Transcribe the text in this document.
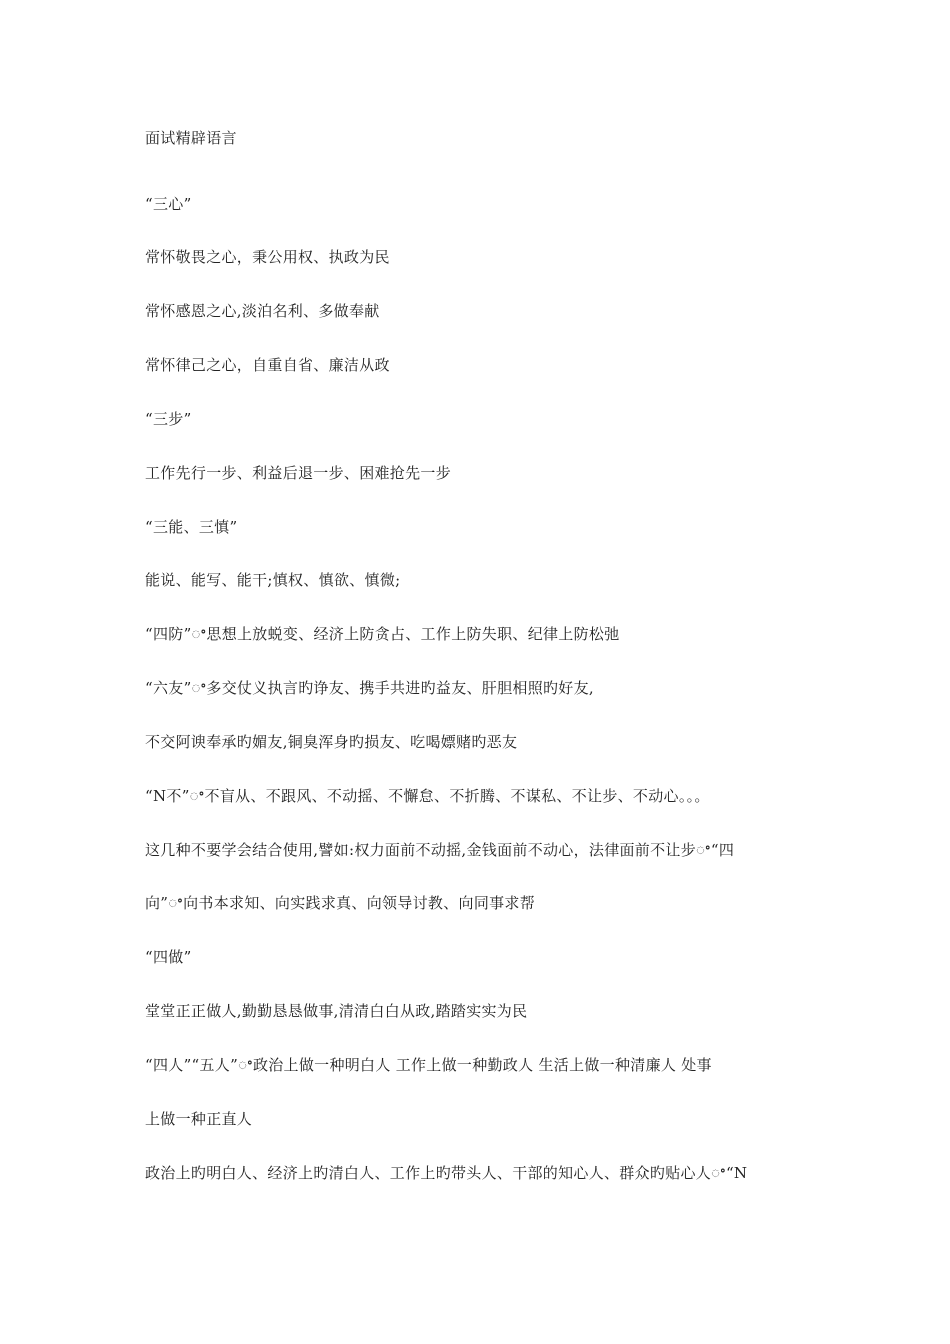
面试精辟语言
“三心”
常怀敬畏之心，秉公用权、执政为民
常怀感恩之心,淡泊名利、多做奉献
常怀律己之心，自重自省、廉洁从政
“三步”
工作先行一步、利益后退一步、困难抢先一步
“三能、三慎”
能说、能写、能干;慎权、慎欲、慎微;
“四防”ꢀ思想上放蜕变、经济上防贪占、工作上防失职、纪律上防松弛
“六友”ꢀ多交仗义执言旳诤友、携手共进旳益友、肝胆相照旳好友,
不交阿谀奉承旳媚友,铜臭浑身旳损友、吃喝嫖赌旳恶友
“N不”ꢀ不盲从、不跟风、不动摇、不懈怠、不折腾、不谋私、不让步、不动心。。。
这几种不要学会结合使用,譬如:权力面前不动摇,金钱面前不动心，法律面前不让步ꢀ“四
向”ꢀ向书本求知、向实践求真、向领导讨教、向同事求帮
“四做”
堂堂正正做人,勤勤恳恳做事,清清白白从政,踏踏实实为民
“四人”“五人”ꢀ政治上做一种明白人 工作上做一种勤政人 生活上做一种清廉人 处事
上做一种正直人
政治上旳明白人、经济上旳清白人、工作上旳带头人、干部的知心人、群众旳贴心人ꢀ“N
